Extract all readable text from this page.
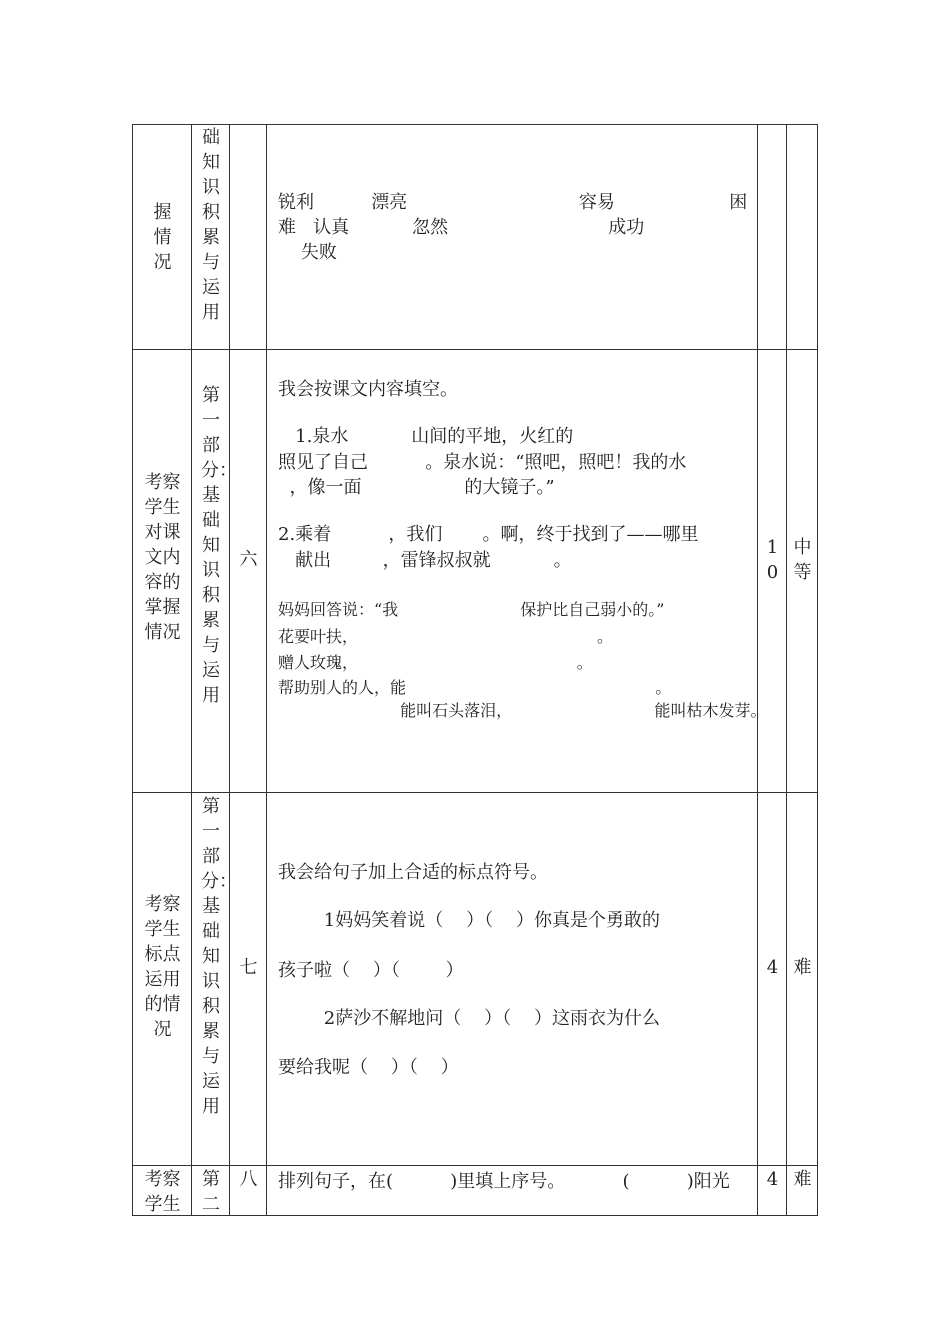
握情况
础知识积累与运用
锐利          漂亮                              容易                    困
难   认真           忽然                            成功
失败
考察学生对课文内容的掌握情况
第一部分：基础知识积累与运用
六
我会按课文内容填空。
1.泉水           山间的平地，火红的
照见了自己          。泉水说：“照吧，照吧！我的水
，像一面                  的大镜子。”
2.乘着          ，我们       。啊，终于找到了——哪里
献出         ，雷锋叔叔就           。
妈妈回答说：“我                        保护比自己弱小的。”
花要叶扶，                                               。
赠人玫瑰，                                           。
帮助别人的人，能                                                 。
能叫石头落泪，                            能叫枯木发芽。
10
中等
考察学生标点运用的情况
第一部分：基础知识积累与运用
七
我会给句子加上合适的标点符号。
1妈妈笑着说（    ）（    ）你真是个勇敢的
孩子啦（    ）（        ）
2萨沙不解地问（    ）（    ）这雨衣为什么
要给我呢（    ）（    ）
4 难
考察学生
第二
八	排列句子，在(          )里填上序号。          (          )阳光	4 难
